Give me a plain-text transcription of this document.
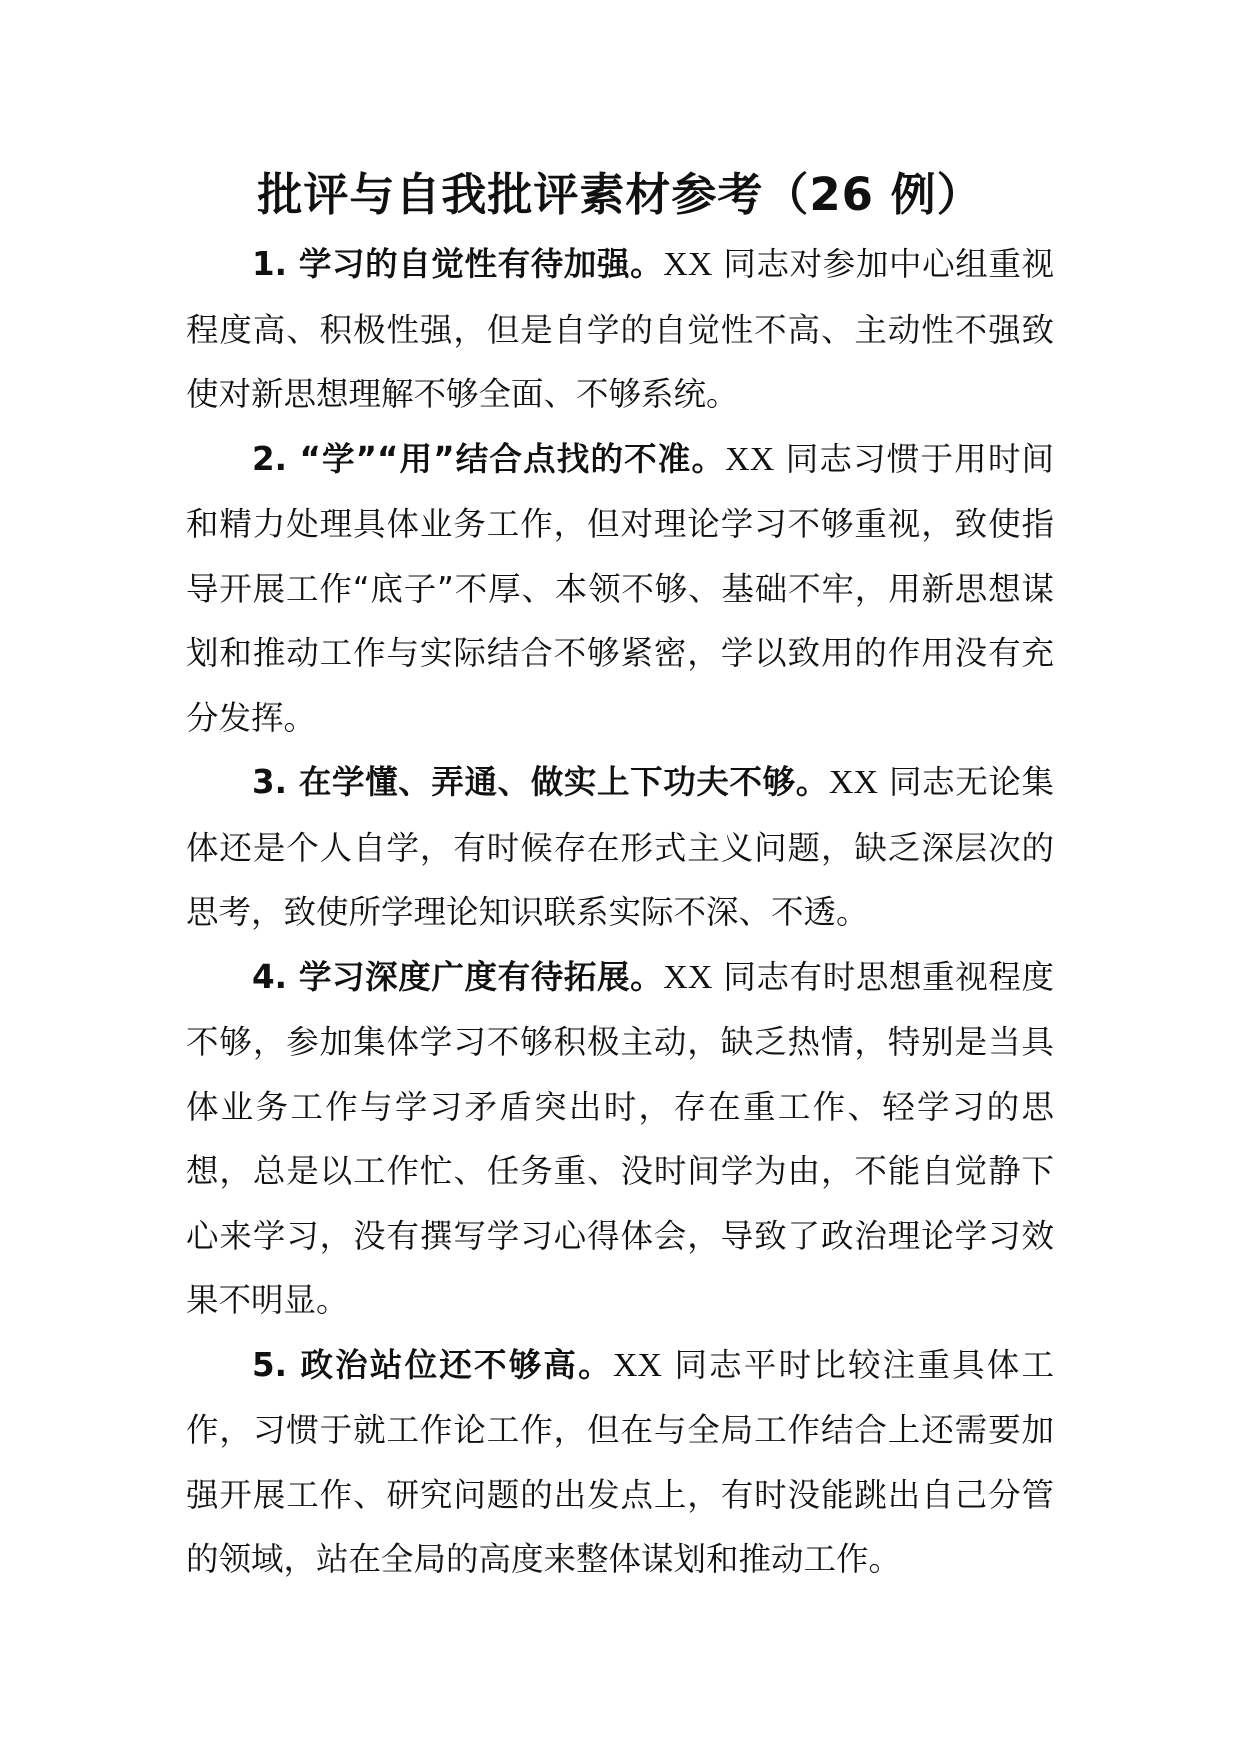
批评与自我批评素材参考（26 例）

1. 学习的自觉性有待加强。XX 同志对参加中心组重视程度高、积极性强，但是自学的自觉性不高、主动性不强致使对新思想理解不够全面、不够系统。

2. “学”“用”结合点找的不准。XX 同志习惯于用时间和精力处理具体业务工作，但对理论学习不够重视，致使指导开展工作“底子”不厚、本领不够、基础不牢，用新思想谋划和推动工作与实际结合不够紧密，学以致用的作用没有充分发挥。

3. 在学懂、弄通、做实上下功夫不够。XX 同志无论集体还是个人自学，有时候存在形式主义问题，缺乏深层次的思考，致使所学理论知识联系实际不深、不透。

4. 学习深度广度有待拓展。XX 同志有时思想重视程度不够，参加集体学习不够积极主动，缺乏热情，特别是当具体业务工作与学习矛盾突出时，存在重工作、轻学习的思想，总是以工作忙、任务重、没时间学为由，不能自觉静下心来学习，没有撰写学习心得体会，导致了政治理论学习效果不明显。

5. 政治站位还不够高。XX 同志平时比较注重具体工作，习惯于就工作论工作，但在与全局工作结合上还需要加强开展工作、研究问题的出发点上，有时没能跳出自己分管的领域，站在全局的高度来整体谋划和推动工作。
